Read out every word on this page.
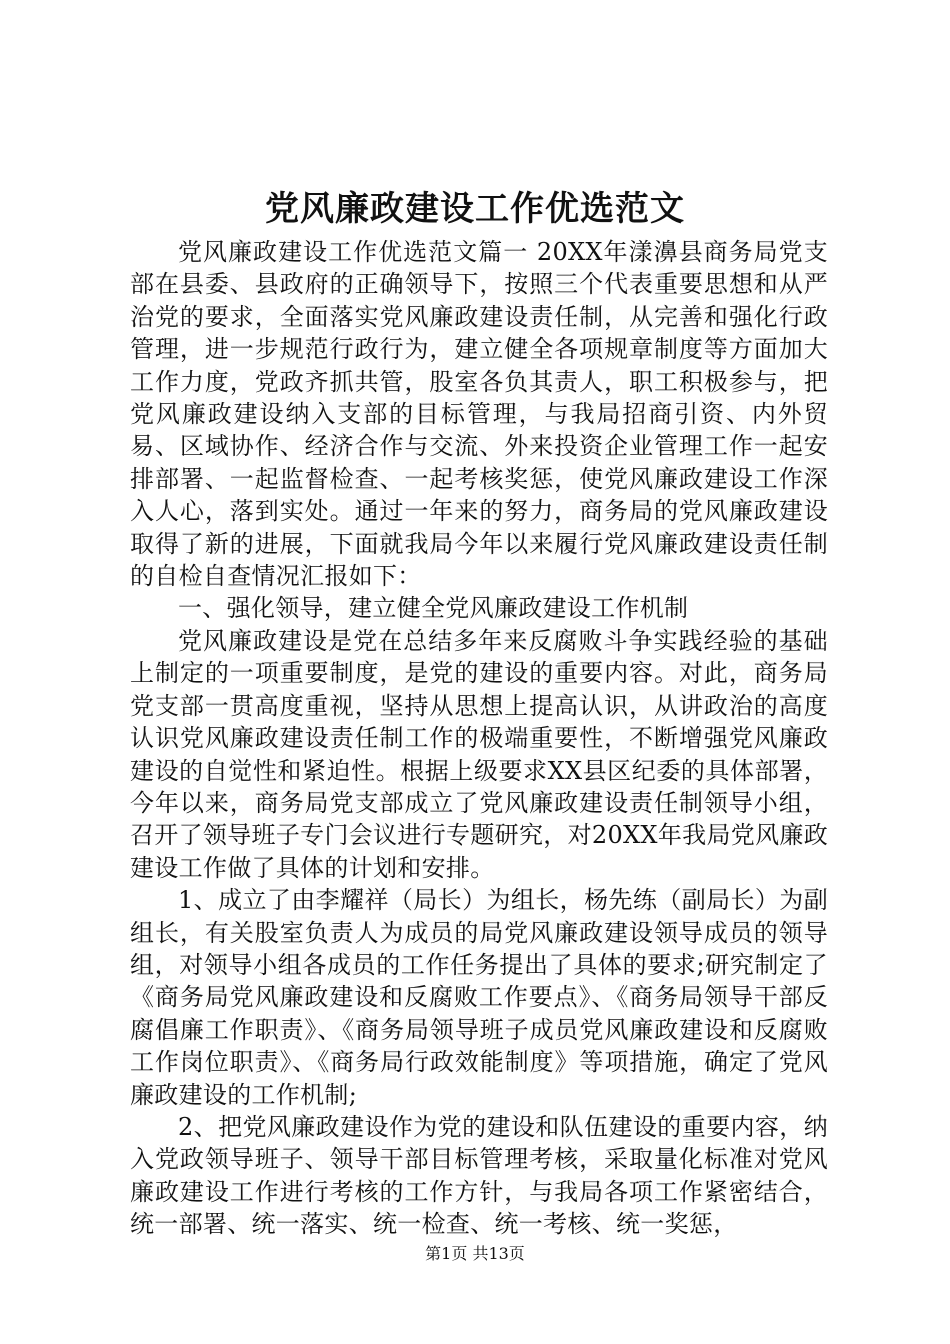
党风廉政建设工作优选范文

党风廉政建设工作优选范文篇一 20XX年漾濞县商务局党支部在县委、县政府的正确领导下，按照三个代表重要思想和从严治党的要求，全面落实党风廉政建设责任制，从完善和强化行政管理，进一步规范行政行为，建立健全各项规章制度等方面加大工作力度，党政齐抓共管，股室各负其责人，职工积极参与，把党风廉政建设纳入支部的目标管理，与我局招商引资、内外贸易、区域协作、经济合作与交流、外来投资企业管理工作一起安排部署、一起监督检查、一起考核奖惩，使党风廉政建设工作深入人心，落到实处。通过一年来的努力，商务局的党风廉政建设取得了新的进展，下面就我局今年以来履行党风廉政建设责任制的自检自查情况汇报如下：

一、强化领导，建立健全党风廉政建设工作机制

党风廉政建设是党在总结多年来反腐败斗争实践经验的基础上制定的一项重要制度，是党的建设的重要内容。对此，商务局党支部一贯高度重视，坚持从思想上提高认识，从讲政治的高度认识党风廉政建设责任制工作的极端重要性，不断增强党风廉政建设的自觉性和紧迫性。根据上级要求XX县区纪委的具体部署，今年以来，商务局党支部成立了党风廉政建设责任制领导小组，召开了领导班子专门会议进行专题研究，对20XX年我局党风廉政建设工作做了具体的计划和安排。

1、成立了由李耀祥（局长）为组长，杨先练（副局长）为副组长，有关股室负责人为成员的局党风廉政建设领导成员的领导组，对领导小组各成员的工作任务提出了具体的要求;研究制定了《商务局党风廉政建设和反腐败工作要点》、《商务局领导干部反腐倡廉工作职责》、《商务局领导班子成员党风廉政建设和反腐败工作岗位职责》、《商务局行政效能制度》等项措施，确定了党风廉政建设的工作机制;

2、把党风廉政建设作为党的建设和队伍建设的重要内容，纳入党政领导班子、领导干部目标管理考核，采取量化标准对党风廉政建设工作进行考核的工作方针，与我局各项工作紧密结合，统一部署、统一落实、统一检查、统一考核、统一奖惩，

第1页 共13页
